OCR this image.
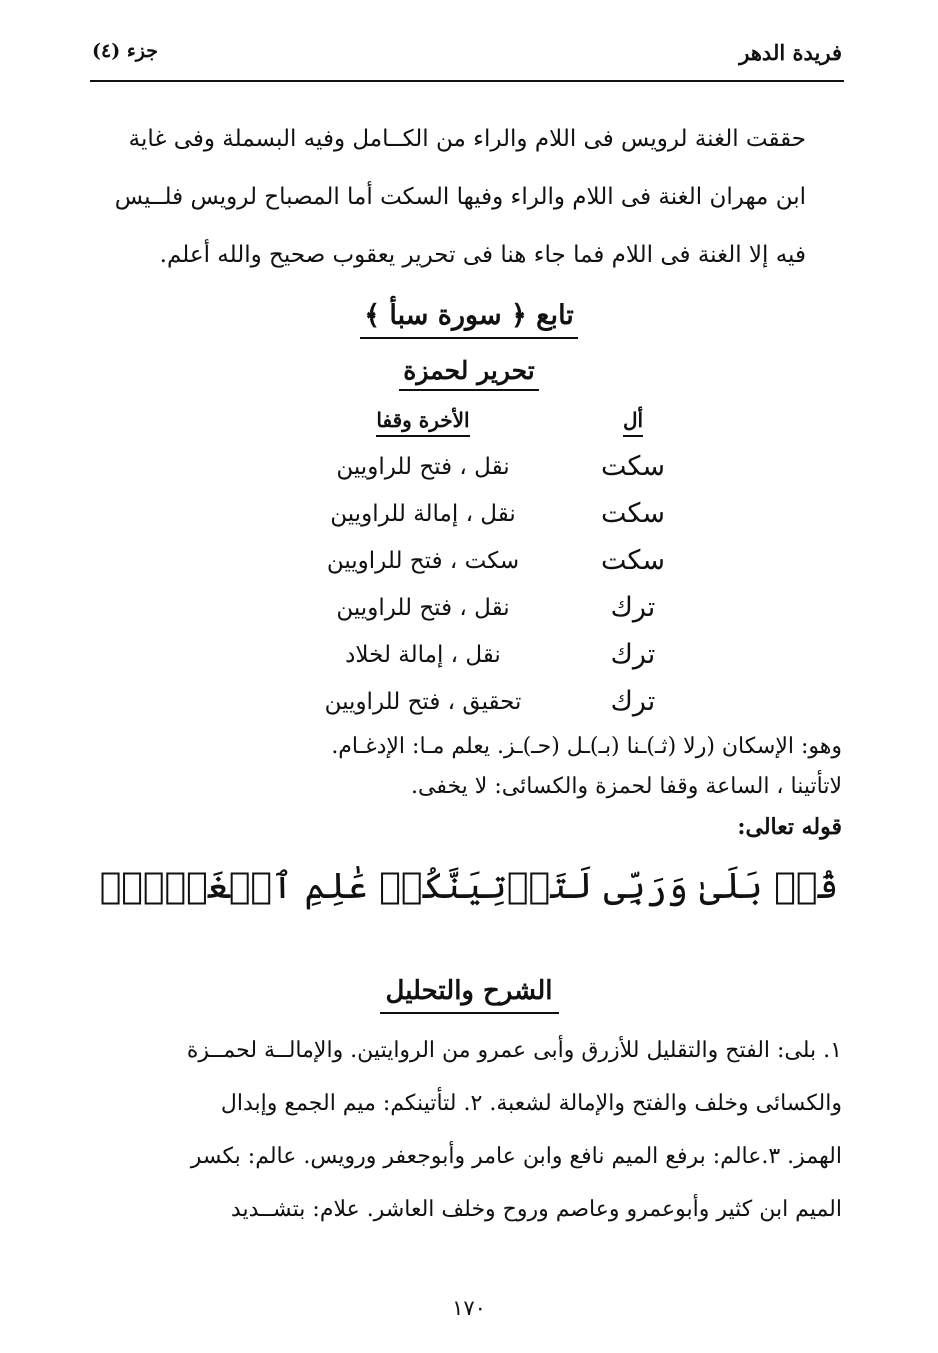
فريدة الدهر
جزء (٤)

حققت الغنة لرويس فى اللام والراء من الكــامل وفيه البسملة وفى غاية

ابن مهران الغنة فى اللام والراء وفيها السكت أما المصباح لرويس فلــيس

فيه إلا الغنة فى اللام فما جاء هنا فى تحرير يعقوب صحيح والله أعلم.

تابع ﴿ سورة سبأ ﴾
تحرير لحمزة
أل
الأخرة وقفا
سكت
نقل ، فتح للراويين
سكت
نقل ، إمالة للراويين
سكت
سكت ، فتح للراويين
ترك
نقل ، فتح للراويين
ترك
نقل ، إمالة لخلاد
ترك
تحقيق ، فتح للراويين

وهو: الإسكان (رلا (ثـ)ـنا (بـ)ـل (حـ)ـز. يعلم مـا: الإدغـام.

لاتأتينا ، الساعة وقفا لحمزة والكسائى: لا يخفى.

قوله تعالى:

قُلۡ بَلَىٰ وَرَبِّى لَتَأۡتِيَنَّكُمۡ عَٰلِمِ ٱلۡغَيۡبِۖ
الشرح والتحليل

١. بلى: الفتح والتقليل للأزرق وأبى عمرو من الروايتين. والإمالــة لحمــزة

والكسائى وخلف والفتح والإمالة لشعبة. ٢. لتأتينكم: ميم الجمع وإبدال

الهمز. ٣.عالم: برفع الميم نافع وابن عامر وأبوجعفر ورويس. عالم: بكسر

الميم ابن كثير وأبوعمرو وعاصم وروح وخلف العاشر. علام: بتشــديد

١٧٠
